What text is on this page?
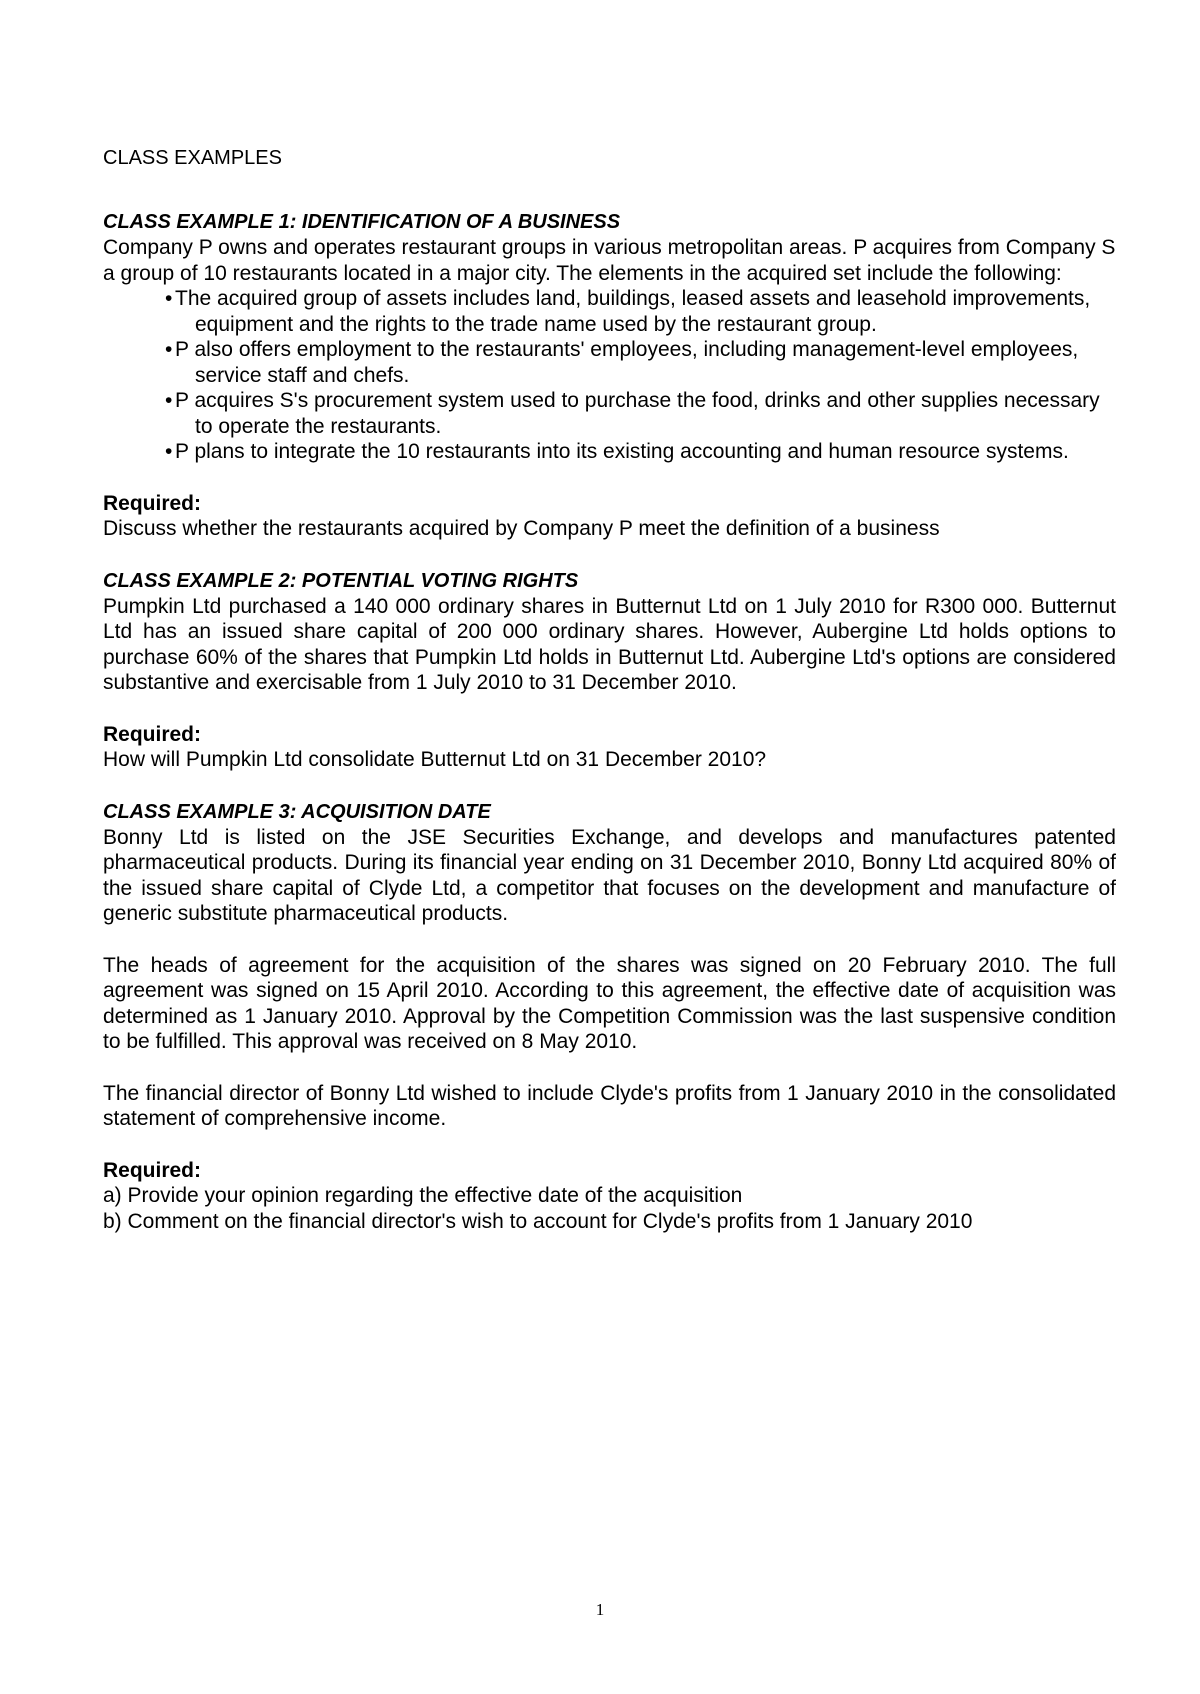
CLASS EXAMPLES

CLASS EXAMPLE 1: IDENTIFICATION OF A BUSINESS

Company P owns and operates restaurant groups in various metropolitan areas. P acquires from Company S a group of 10 restaurants located in a major city. The elements in the acquired set include the following:

• The acquired group of assets includes land, buildings, leased assets and leasehold improvements, equipment and the rights to the trade name used by the restaurant group.
• P also offers employment to the restaurants' employees, including management-level employees, service staff and chefs.
• P acquires S's procurement system used to purchase the food, drinks and other supplies necessary to operate the restaurants.
• P plans to integrate the 10 restaurants into its existing accounting and human resource systems.

Required:

Discuss whether the restaurants acquired by Company P meet the definition of a business

CLASS EXAMPLE 2: POTENTIAL VOTING RIGHTS

Pumpkin Ltd purchased a 140 000 ordinary shares in Butternut Ltd on 1 July 2010 for R300 000. Butternut Ltd has an issued share capital of 200 000 ordinary shares. However, Aubergine Ltd holds options to purchase 60% of the shares that Pumpkin Ltd holds in Butternut Ltd. Aubergine Ltd's options are considered substantive and exercisable from 1 July 2010 to 31 December 2010.

Required:

How will Pumpkin Ltd consolidate Butternut Ltd on 31 December 2010?

CLASS EXAMPLE 3: ACQUISITION DATE

Bonny Ltd is listed on the JSE Securities Exchange, and develops and manufactures patented pharmaceutical products. During its financial year ending on 31 December 2010, Bonny Ltd acquired 80% of the issued share capital of Clyde Ltd, a competitor that focuses on the development and manufacture of generic substitute pharmaceutical products.

The heads of agreement for the acquisition of the shares was signed on 20 February 2010. The full agreement was signed on 15 April 2010. According to this agreement, the effective date of acquisition was determined as 1 January 2010. Approval by the Competition Commission was the last suspensive condition to be fulfilled. This approval was received on 8 May 2010.

The financial director of Bonny Ltd wished to include Clyde's profits from 1 January 2010 in the consolidated statement of comprehensive income.

Required:

a) Provide your opinion regarding the effective date of the acquisition

b) Comment on the financial director's wish to account for Clyde's profits from 1 January 2010

1
